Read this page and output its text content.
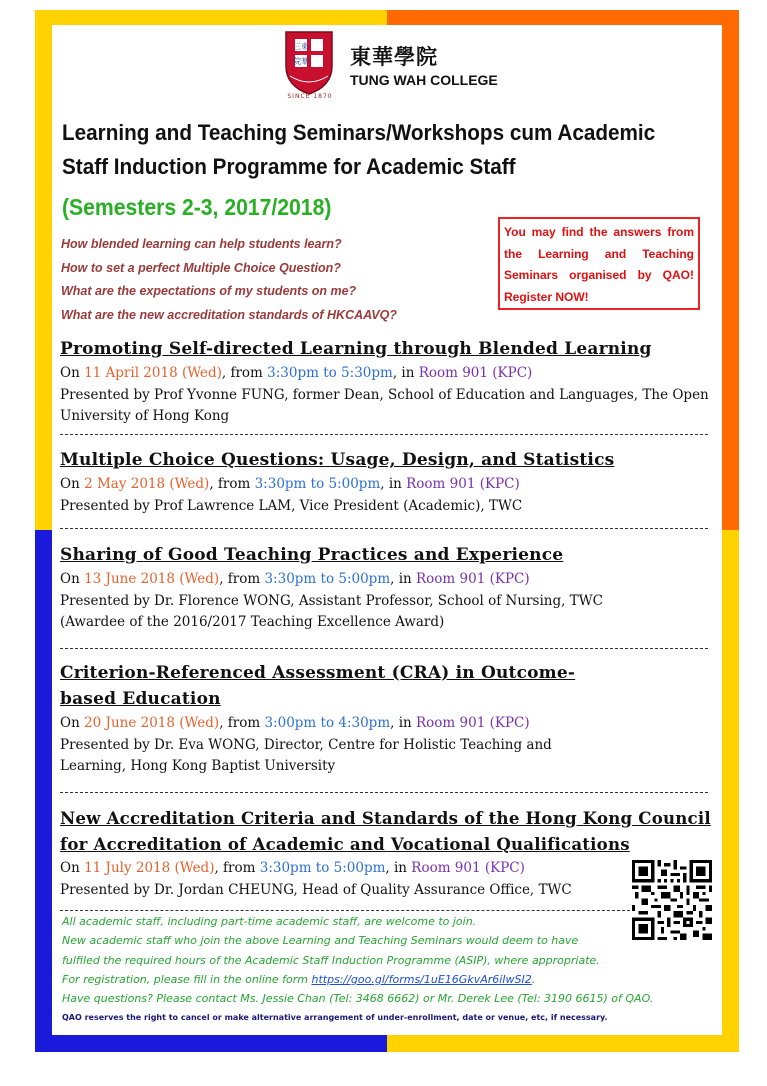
三東
院華
SINCE 1870
東華學院
TUNG WAH COLLEGE
Learning and Teaching Seminars/Workshops cum Academic Staff Induction Programme for Academic Staff
(Semesters 2-3, 2017/2018)
How blended learning can help students learn?
How to set a perfect Multiple Choice Question?
What are the expectations of my students on me?
What are the new accreditation standards of HKCAAVQ?
You may find the answers from the Learning and Teaching Seminars organised by QAO! Register NOW!
Promoting Self-directed Learning through Blended Learning
On 11 April 2018 (Wed), from 3:30pm to 5:30pm, in Room 901 (KPC)
Presented by Prof Yvonne FUNG, former Dean, School of Education and Languages, The Open University of Hong Kong
Multiple Choice Questions: Usage, Design, and Statistics
On 2 May 2018 (Wed), from 3:30pm to 5:00pm, in Room 901 (KPC)
Presented by Prof Lawrence LAM, Vice President (Academic), TWC
Sharing of Good Teaching Practices and Experience
On 13 June 2018 (Wed), from 3:30pm to 5:00pm, in Room 901 (KPC)
Presented by Dr. Florence WONG, Assistant Professor, School of Nursing, TWC
(Awardee of the 2016/2017 Teaching Excellence Award)
Criterion-Referenced Assessment (CRA) in Outcome-based Education
On 20 June 2018 (Wed), from 3:00pm to 4:30pm, in Room 901 (KPC)
Presented by Dr. Eva WONG, Director, Centre for Holistic Teaching and Learning, Hong Kong Baptist University
New Accreditation Criteria and Standards of the Hong Kong Council for Accreditation of Academic and Vocational Qualifications
On 11 July 2018 (Wed), from 3:30pm to 5:00pm, in Room 901 (KPC)
Presented by Dr. Jordan CHEUNG, Head of Quality Assurance Office, TWC
All academic staff, including part-time academic staff, are welcome to join.
New academic staff who join the above Learning and Teaching Seminars would deem to have
fulfiled the required hours of the Academic Staff Induction Programme (ASIP), where appropriate.
For registration, please fill in the online form https://goo.gl/forms/1uE16GkvAr6iIwSI2.
Have questions? Please contact Ms. Jessie Chan (Tel: 3468 6662) or Mr. Derek Lee (Tel: 3190 6615) of QAO.
QAO reserves the right to cancel or make alternative arrangement of under-enrollment, date or venue, etc, if necessary.
